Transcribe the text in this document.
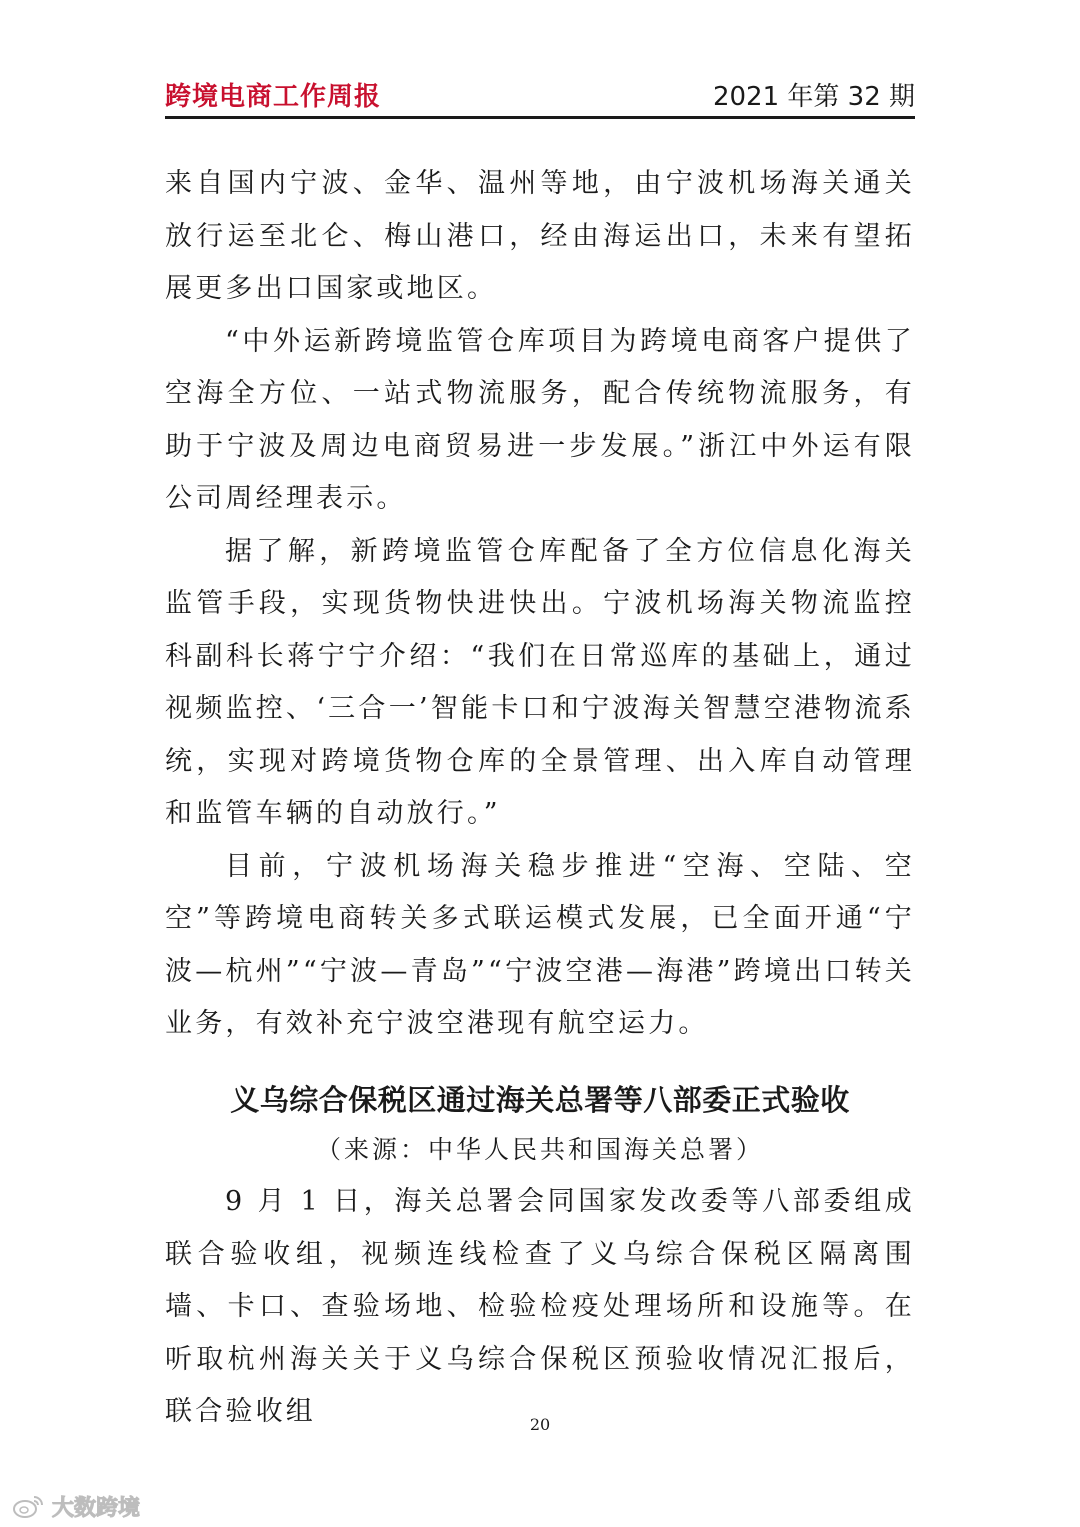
跨境电商工作周报	2021 年第 32 期

来自国内宁波、金华、温州等地，由宁波机场海关通关放行运至北仑、梅山港口，经由海运出口，未来有望拓展更多出口国家或地区。

“中外运新跨境监管仓库项目为跨境电商客户提供了空海全方位、一站式物流服务，配合传统物流服务，有助于宁波及周边电商贸易进一步发展。”浙江中外运有限公司周经理表示。

据了解，新跨境监管仓库配备了全方位信息化海关监管手段，实现货物快进快出。宁波机场海关物流监控科副科长蒋宁宁介绍：“我们在日常巡库的基础上，通过视频监控、‘三合一’智能卡口和宁波海关智慧空港物流系统，实现对跨境货物仓库的全景管理、出入库自动管理和监管车辆的自动放行。”

目前，宁波机场海关稳步推进“空海、空陆、空空”等跨境电商转关多式联运模式发展，已全面开通“宁波—杭州”“宁波—青岛”“宁波空港—海港”跨境出口转关业务，有效补充宁波空港现有航空运力。

义乌综合保税区通过海关总署等八部委正式验收

（来源：中华人民共和国海关总署）

9 月 1 日，海关总署会同国家发改委等八部委组成联合验收组，视频连线检查了义乌综合保税区隔离围墙、卡口、查验场地、检验检疫处理场所和设施等。在听取杭州海关关于义乌综合保税区预验收情况汇报后，联合验收组	20
大数跨境
